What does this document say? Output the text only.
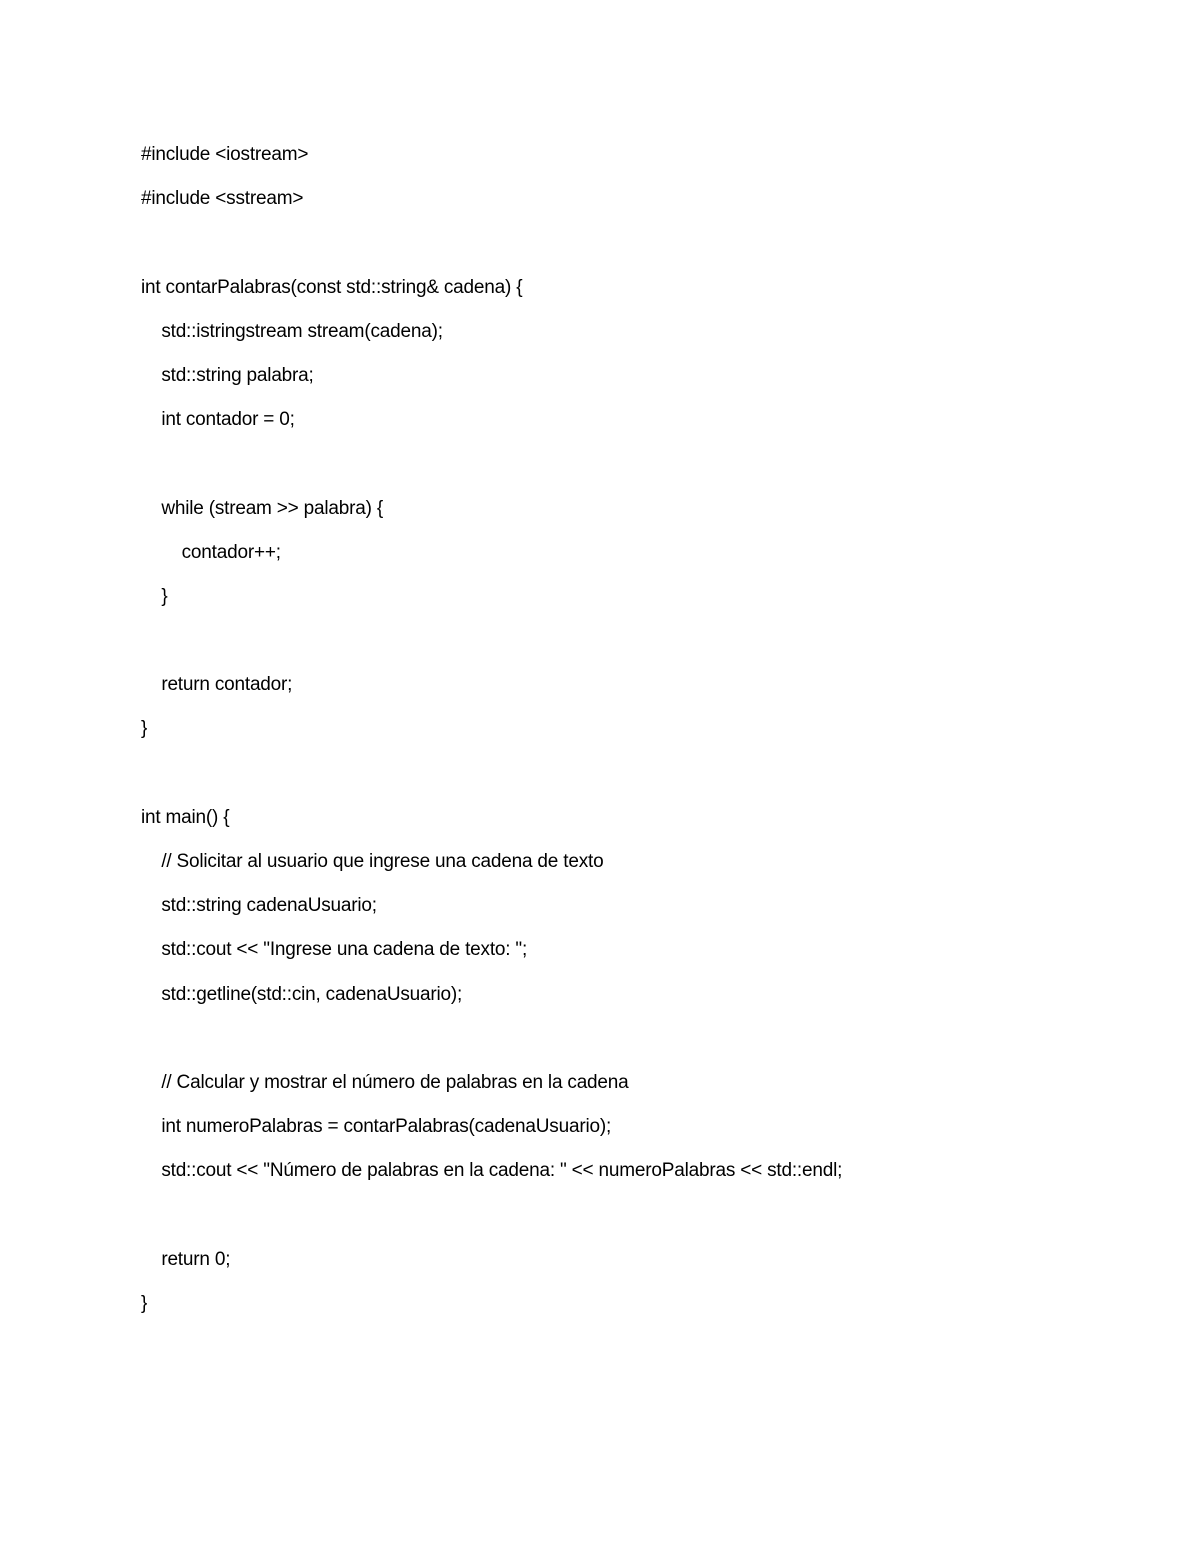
#include <iostream>
#include <sstream>
int contarPalabras(const std::string& cadena) {
std::istringstream stream(cadena);
std::string palabra;
int contador = 0;
while (stream >> palabra) {
contador++;
}
return contador;
}
int main() {
// Solicitar al usuario que ingrese una cadena de texto
std::string cadenaUsuario;
std::cout << "Ingrese una cadena de texto: ";
std::getline(std::cin, cadenaUsuario);
// Calcular y mostrar el número de palabras en la cadena
int numeroPalabras = contarPalabras(cadenaUsuario);
std::cout << "Número de palabras en la cadena: " << numeroPalabras << std::endl;
return 0;
}
